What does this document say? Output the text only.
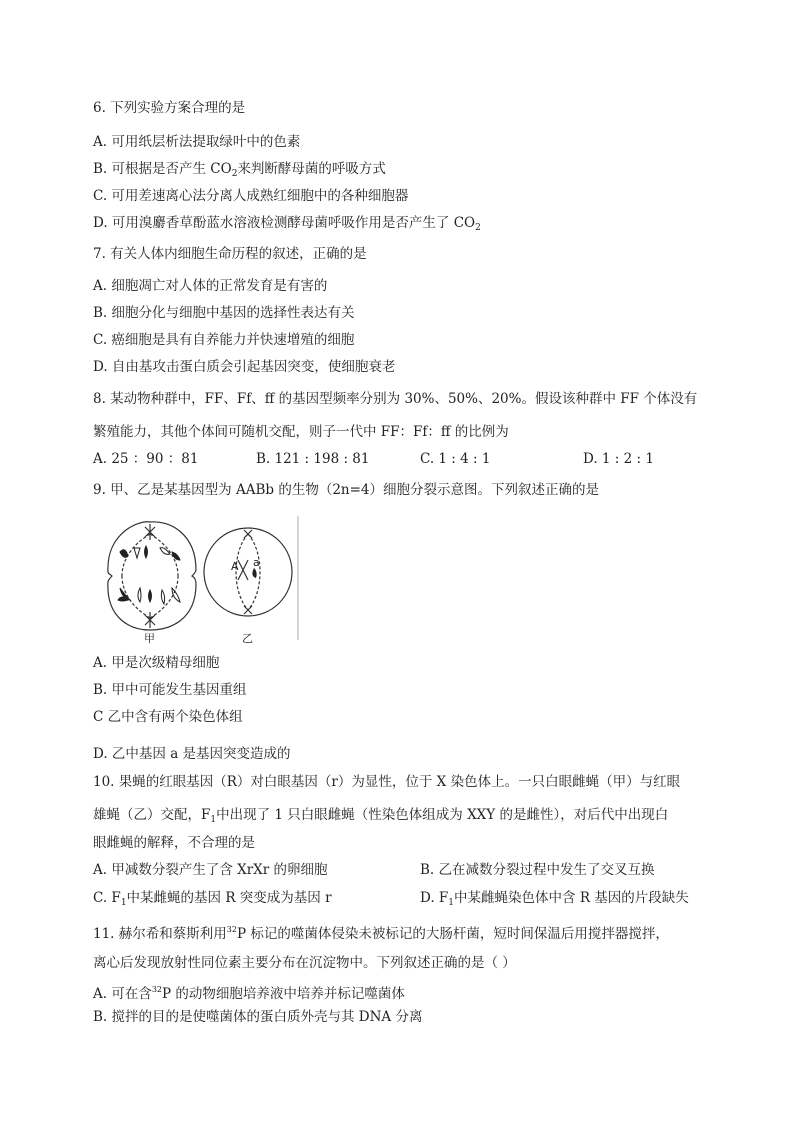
6. 下列实验方案合理的是
A. 可用纸层析法提取绿叶中的色素
B. 可根据是否产生 $CO_2$来判断酵母菌的呼吸方式
C. 可用差速离心法分离人成熟红细胞中的各种细胞器
D. 可用溴麝香草酚蓝水溶液检测酵母菌呼吸作用是否产生了 $CO_2$
7. 有关人体内细胞生命历程的叙述，正确的是
A. 细胞凋亡对人体的正常发育是有害的
B. 细胞分化与细胞中基因的选择性表达有关
C. 癌细胞是具有自养能力并快速增殖的细胞
D. 自由基攻击蛋白质会引起基因突变，使细胞衰老
8. 某动物种群中，FF、Ff、ff 的基因型频率分别为 30%、50%、20%。假设该种群中 FF 个体没有
繁殖能力，其他个体间可随机交配，则子一代中 FF：Ff：ff 的比例为
A. 25 ：90 ：81	B. 121 : 198 : 81	C. 1 : 4 : 1	D. 1 : 2 : 1
9. 甲、乙是某基因型为 AABb 的生物（2n=4）细胞分裂示意图。下列叙述正确的是
A a
甲	乙
A. 甲是次级精母细胞
B. 甲中可能发生基因重组
C 乙中含有两个染色体组
D. 乙中基因 a 是基因突变造成的
10. 果蝇的红眼基因（R）对白眼基因（r）为显性，位于 X 染色体上。一只白眼雌蝇（甲）与红眼
雄蝇（乙）交配，$F_1$中出现了 1 只白眼雌蝇（性染色体组成为 XXY 的是雌性），对后代中出现白
眼雌蝇的解释，不合理的是
A. 甲减数分裂产生了含 XrXr 的卵细胞	B. 乙在减数分裂过程中发生了交叉互换
C. $F_1$中某雌蝇的基因 R 突变成为基因 r	D. $F_1$中某雌蝇染色体中含 R 基因的片段缺失
11. 赫尔希和蔡斯利用$^{32}$P 标记的噬菌体侵染未被标记的大肠杆菌，短时间保温后用搅拌器搅拌，
离心后发现放射性同位素主要分布在沉淀物中。下列叙述正确的是（ ）
A. 可在含$^{32}$P 的动物细胞培养液中培养并标记噬菌体
B. 搅拌的目的是使噬菌体的蛋白质外壳与其 DNA 分离
